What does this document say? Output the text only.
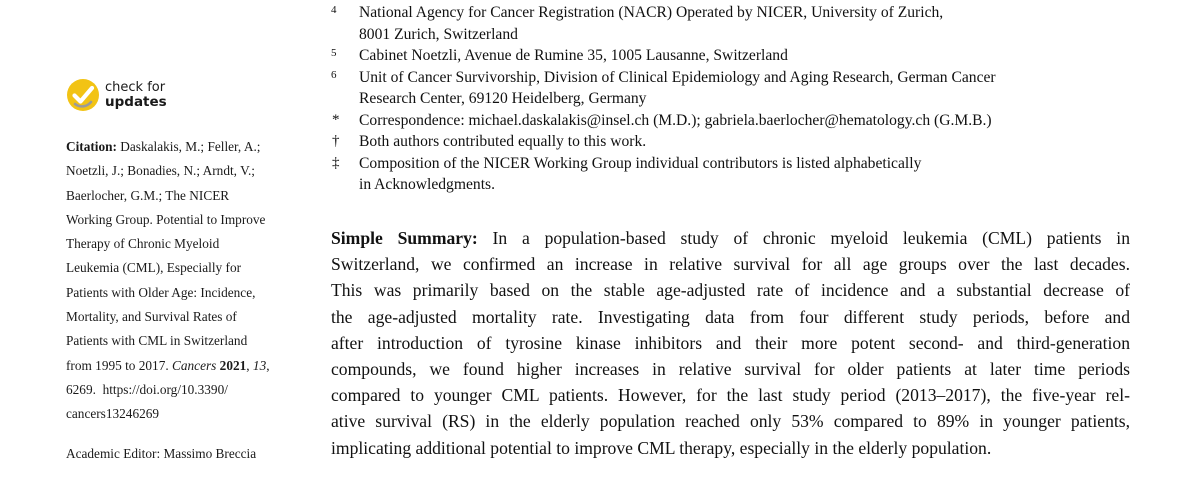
check for
updates
Citation: Daskalakis, M.; Feller, A.;
Noetzli, J.; Bonadies, N.; Arndt, V.;
Baerlocher, G.M.; The NICER
Working Group. Potential to Improve
Therapy of Chronic Myeloid
Leukemia (CML), Especially for
Patients with Older Age: Incidence,
Mortality, and Survival Rates of
Patients with CML in Switzerland
from 1995 to 2017. Cancers 2021, 13,
6269. https://doi.org/10.3390/
cancers13246269
Academic Editor: Massimo Breccia
4 National Agency for Cancer Registration (NACR) Operated by NICER, University of Zurich,
8001 Zurich, Switzerland
5 Cabinet Noetzli, Avenue de Rumine 35, 1005 Lausanne, Switzerland
6 Unit of Cancer Survivorship, Division of Clinical Epidemiology and Aging Research, German Cancer
Research Center, 69120 Heidelberg, Germany
* Correspondence: michael.daskalakis@insel.ch (M.D.); gabriela.baerlocher@hematology.ch (G.M.B.)
† Both authors contributed equally to this work.
‡ Composition of the NICER Working Group individual contributors is listed alphabetically
in Acknowledgments.
Simple Summary: In a population-based study of chronic myeloid leukemia (CML) patients in
Switzerland, we confirmed an increase in relative survival for all age groups over the last decades.
This was primarily based on the stable age-adjusted rate of incidence and a substantial decrease of
the age-adjusted mortality rate. Investigating data from four different study periods, before and
after introduction of tyrosine kinase inhibitors and their more potent second- and third-generation
compounds, we found higher increases in relative survival for older patients at later time periods
compared to younger CML patients. However, for the last study period (2013–2017), the five-year rel-
ative survival (RS) in the elderly population reached only 53% compared to 89% in younger patients,
implicating additional potential to improve CML therapy, especially in the elderly population.
